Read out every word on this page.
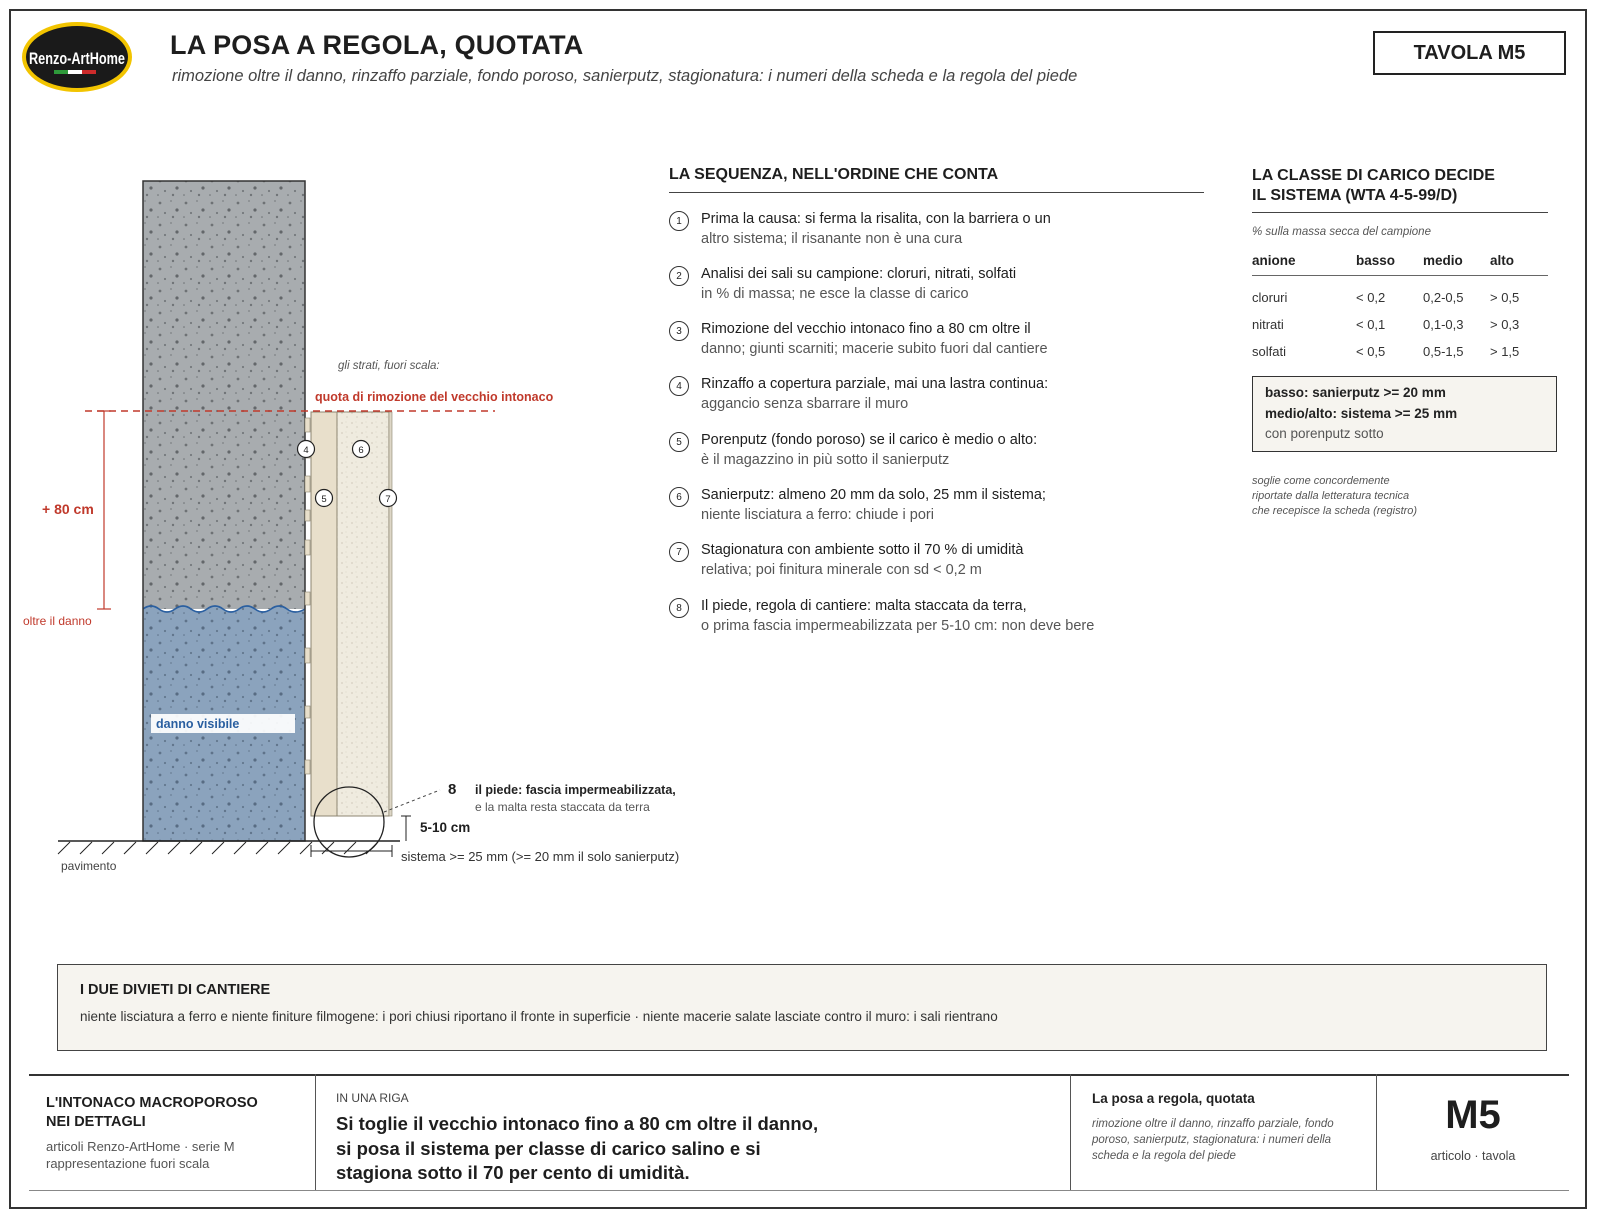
Renzo-ArtHome LA POSA A REGOLA, QUOTATA
rimozione oltre il danno, rinzaffo parziale, fondo poroso, sanierputz, stagionatura: i numeri della scheda e la regola del piede
TAVOLA M5
quota di rimozione del vecchio intonaco
gli strati, fuori scala:
+ 80 cm
oltre il danno
danno visibile
4
5
6
7
8 il piede: fascia impermeabilizzata,
e la malta resta staccata da terra
5-10 cm
pavimento
sistema >= 25 mm (>= 20 mm il solo sanierputz)
LA SEQUENZA, NELL'ORDINE CHE CONTA
1	Prima la causa: si ferma la risalita, con la barriera o un
altro sistema; il risanante non è una cura
2	Analisi dei sali su campione: cloruri, nitrati, solfati
in % di massa; ne esce la classe di carico
3	Rimozione del vecchio intonaco fino a 80 cm oltre il
danno; giunti scarniti; macerie subito fuori dal cantiere
4	Rinzaffo a copertura parziale, mai una lastra continua:
aggancio senza sbarrare il muro
5	Porenputz (fondo poroso) se il carico è medio o alto:
è il magazzino in più sotto il sanierputz
6	Sanierputz: almeno 20 mm da solo, 25 mm il sistema;
niente lisciatura a ferro: chiude i pori
7	Stagionatura con ambiente sotto il 70 % di umidità
relativa; poi finitura minerale con sd < 0,2 m
8	Il piede, regola di cantiere: malta staccata da terra,
o prima fascia impermeabilizzata per 5-10 cm: non deve bere
LA CLASSE DI CARICO DECIDE
IL SISTEMA (WTA 4-5-99/D)
% sulla massa secca del campione
anione	basso medio alto
cloruri	< 0,2	0,2-0,5 > 0,5
nitrati	< 0,1	0,1-0,3 > 0,3
solfati	< 0,5	0,5-1,5 > 1,5
basso: sanierputz >= 20 mm
medio/alto: sistema >= 25 mm
con porenputz sotto
soglie come concordemente
riportate dalla letteratura tecnica
che recepisce la scheda (registro)
I DUE DIVIETI DI CANTIERE
niente lisciatura a ferro e niente finiture filmogene: i pori chiusi riportano il fronte in superficie · niente macerie salate lasciate contro il muro: i sali rientrano
L'INTONACO MACROPOROSO
NEI DETTAGLI
articoli Renzo-ArtHome · serie M
rappresentazione fuori scala
IN UNA RIGA
Si toglie il vecchio intonaco fino a 80 cm oltre il danno,
si posa il sistema per classe di carico salino e si
stagiona sotto il 70 per cento di umidità.
La posa a regola, quotata
rimozione oltre il danno, rinzaffo parziale, fondo poroso, sanierputz, stagionatura: i numeri della scheda e la regola del piede
M5
articolo · tavola
